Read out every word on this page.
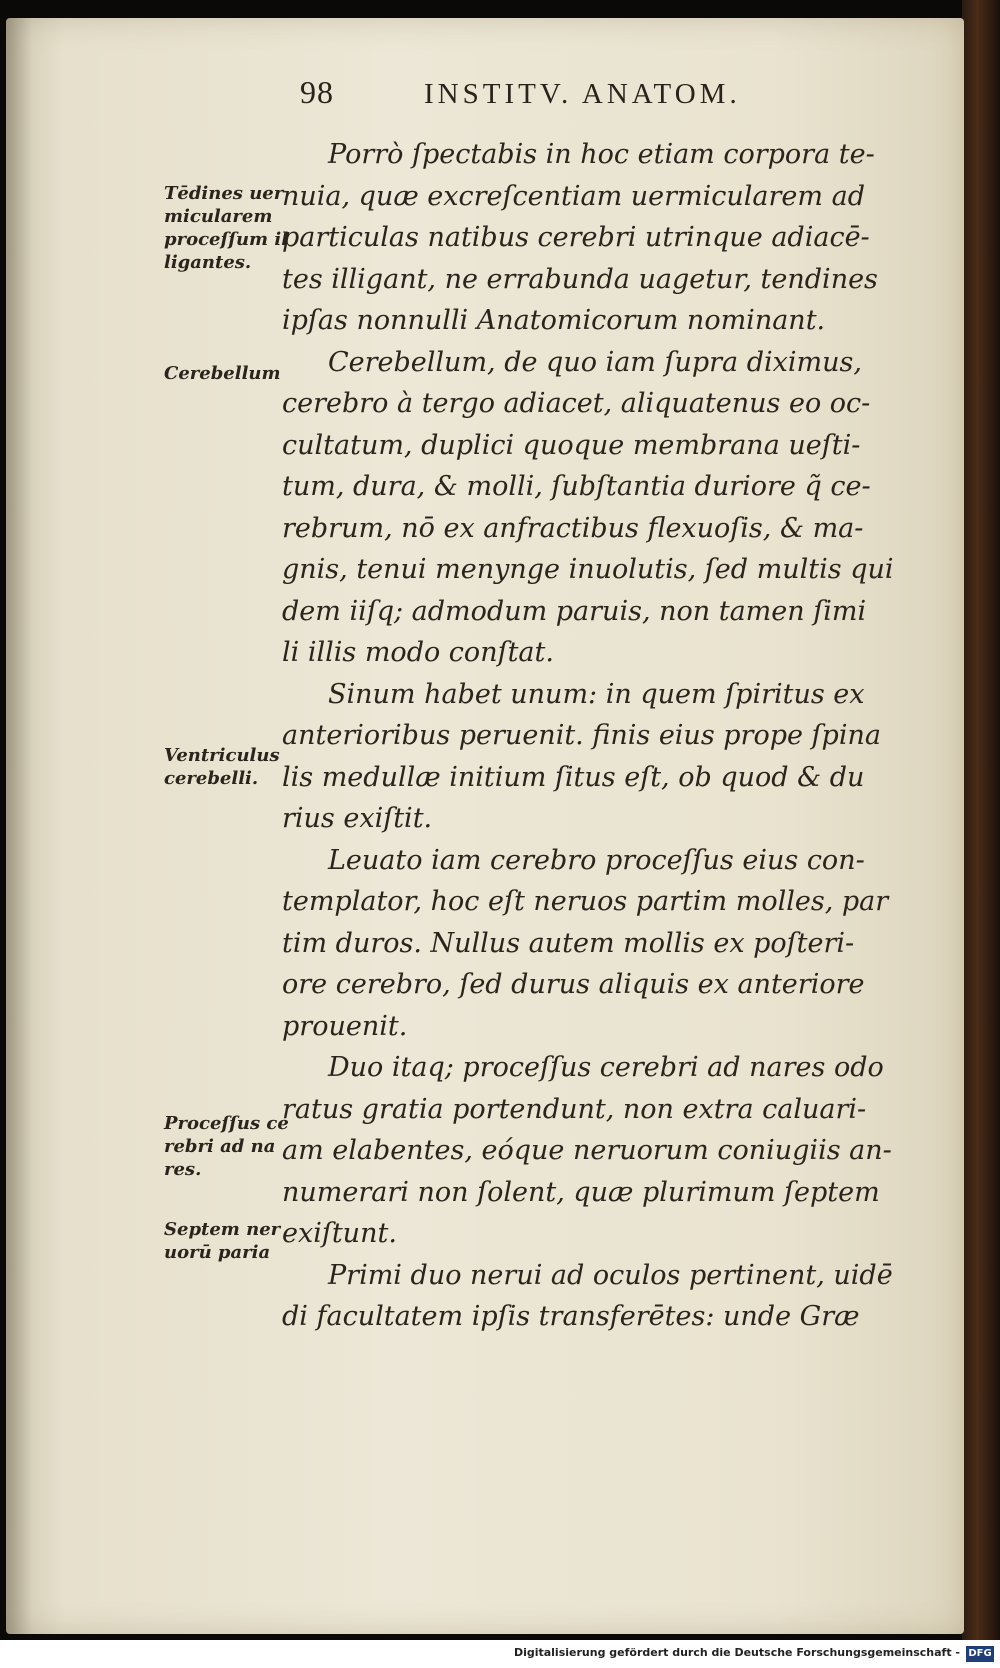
98	INSTITV. ANATOM.
Porrò ſpectabis in hoc etiam corpora te-
nuia, quæ excreſcentiam uermicularem ad
particulas natibus cerebri utrinque adiacē-
tes illigant, ne errabunda uagetur, tendines
ipſas nonnulli Anatomicorum nominant.
Cerebellum, de quo iam ſupra diximus,
cerebro à tergo adiacet, aliquatenus eo oc-
cultatum, duplici quoque membrana ueſti-
tum, dura, & molli, ſubſtantia duriore q̃ ce-
rebrum, nō ex anfractibus flexuoſis, & ma-
gnis, tenui menynge inuolutis, ſed multis qui
dem iiſq; admodum paruis, non tamen ſimi
li illis modo conſtat.
Sinum habet unum: in quem ſpiritus ex
anterioribus peruenit. finis eius prope ſpina
lis medullæ initium ſitus eſt, ob quod & du
rius exiſtit.
Leuato iam cerebro proceſſus eius con-
templator, hoc eſt neruos partim molles, par
tim duros. Nullus autem mollis ex poſteri-
ore cerebro, ſed durus aliquis ex anteriore
prouenit.
Duo itaq; proceſſus cerebri ad nares odo
ratus gratia portendunt, non extra caluari-
am elabentes, eóque neruorum coniugiis an-
numerari non ſolent, quæ plurimum ſeptem
exiſtunt.
Primi duo nerui ad oculos pertinent, uidē
di facultatem ipſis transferētes: unde Græ
Tēdines uer
micularem
proceſſum il
ligantes.
Cerebellum
Ventriculus
cerebelli.
Proceſſus ce
rebri ad na
res.
Septem ner
uorū paria
Digitalisierung gefördert durch die Deutsche Forschungsgemeinschaft - DFG
